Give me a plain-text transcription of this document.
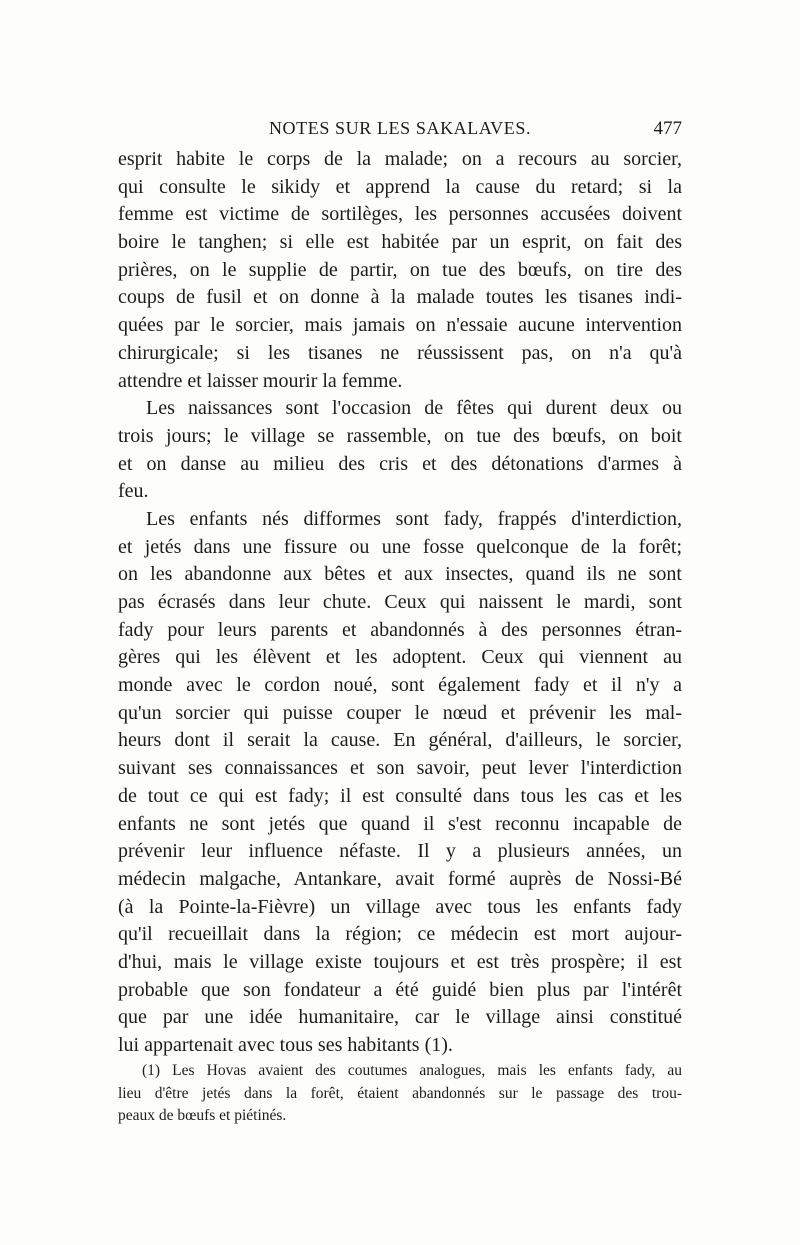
NOTES SUR LES SAKALAVES.	477
esprit habite le corps de la malade; on a recours au sorcier,
qui consulte le sikidy et apprend la cause du retard; si la
femme est victime de sortilèges, les personnes accusées doivent
boire le tanghen; si elle est habitée par un esprit, on fait des
prières, on le supplie de partir, on tue des bœufs, on tire des
coups de fusil et on donne à la malade toutes les tisanes indi-
quées par le sorcier, mais jamais on n'essaie aucune intervention
chirurgicale; si les tisanes ne réussissent pas, on n'a qu'à
attendre et laisser mourir la femme.
Les naissances sont l'occasion de fêtes qui durent deux ou
trois jours; le village se rassemble, on tue des bœufs, on boit
et on danse au milieu des cris et des détonations d'armes à
feu.
Les enfants nés difformes sont fady, frappés d'interdiction,
et jetés dans une fissure ou une fosse quelconque de la forêt;
on les abandonne aux bêtes et aux insectes, quand ils ne sont
pas écrasés dans leur chute. Ceux qui naissent le mardi, sont
fady pour leurs parents et abandonnés à des personnes étran-
gères qui les élèvent et les adoptent. Ceux qui viennent au
monde avec le cordon noué, sont également fady et il n'y a
qu'un sorcier qui puisse couper le nœud et prévenir les mal-
heurs dont il serait la cause. En général, d'ailleurs, le sorcier,
suivant ses connaissances et son savoir, peut lever l'interdiction
de tout ce qui est fady; il est consulté dans tous les cas et les
enfants ne sont jetés que quand il s'est reconnu incapable de
prévenir leur influence néfaste. Il y a plusieurs années, un
médecin malgache, Antankare, avait formé auprès de Nossi-Bé
(à la Pointe-la-Fièvre) un village avec tous les enfants fady
qu'il recueillait dans la région; ce médecin est mort aujour-
d'hui, mais le village existe toujours et est très prospère; il est
probable que son fondateur a été guidé bien plus par l'intérêt
que par une idée humanitaire, car le village ainsi constitué
lui appartenait avec tous ses habitants (1).
(1) Les Hovas avaient des coutumes analogues, mais les enfants fady, au
lieu d'être jetés dans la forêt, étaient abandonnés sur le passage des trou-
peaux de bœufs et piétinés.
